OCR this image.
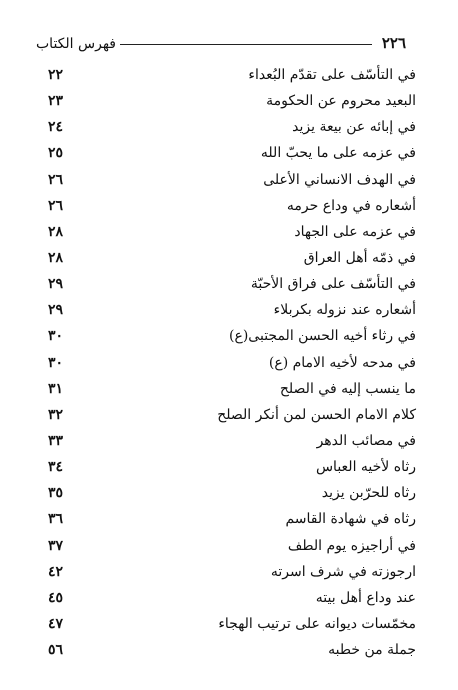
٢٢٦
فهرس الكتاب
في التأسّف على تقدّم البُعداء
٢٢
البعيد محروم عن الحكومة
٢٣
في إبائه عن بيعة يزيد
٢٤
في عزمه على ما يحبّ الله
٢٥
في الهدف الانساني الأعلى
٢٦
أشعاره في وداع حرمه
٢٦
في عزمه على الجهاد
٢٨
في ذمّه أهل العراق
٢٨
في التأسّف على فراق الأحبّة
٢٩
أشعاره عند نزوله بكربلاء
٢٩
في رثاء أخيه الحسن المجتبى(ع)
٣٠
في مدحه لأخيه الامام (ع)
٣٠
ما ينسب إليه في الصلح
٣١
كلام الامام الحسن لمن أنكر الصلح
٣٢
في مصائب الدهر
٣٣
رثاه لأخيه العباس
٣٤
رثاه للحرّبن يزيد
٣٥
رثاه في شهادة القاسم
٣٦
في أراجيزه يوم الطف
٣٧
ارجوزته في شرف اسرته
٤٢
عند وداع أهل بيته
٤٥
مخمّسات ديوانه على ترتيب الهجاء
٤٧
جملة من خطبه
٥٦
